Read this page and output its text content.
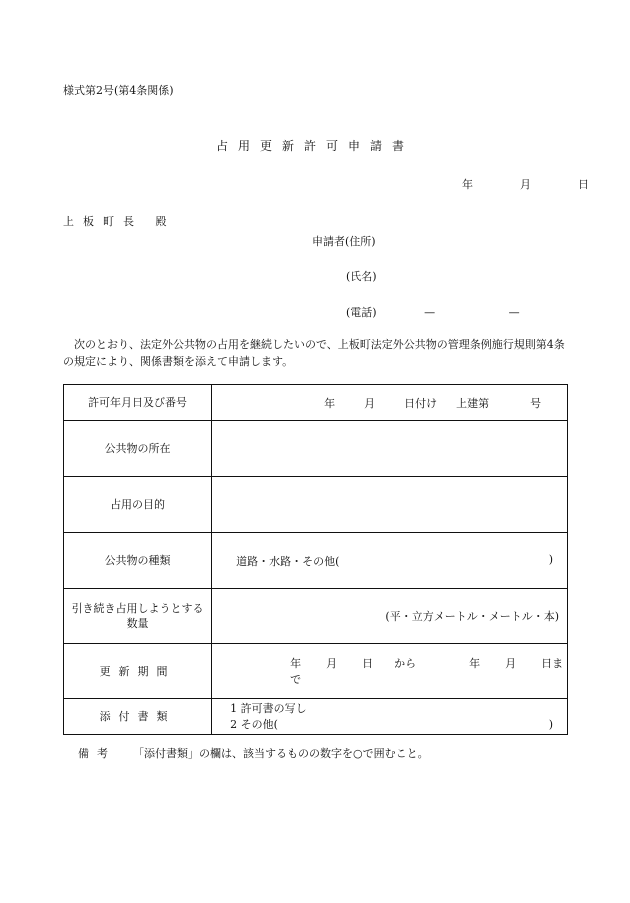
様式第2号(第4条関係)
占用更新許可申請書
年	月	日
上板町長 殿
申請者(住所)
(氏名)
(電話)	—	—
次のとおり、法定外公共物の占用を継続したいので、上板町法定外公共物の管理条例施行規則第4条の規定により、関係書類を添えて申請します。
許可年月日及び番号	年 月 日付け 上建第 号

公共物の所在	
占用の目的	
公共物の種類	道路・水路・その他( )

引き続き占用しようとする数量	(平・立方メートル・メートル・本)

更新期間	年 月 日 から 年 月 日まで

添付書類	1 許可書の写し
2 その他( )
備考 「添付書類」の欄は、該当するものの数字を○で囲むこと。
